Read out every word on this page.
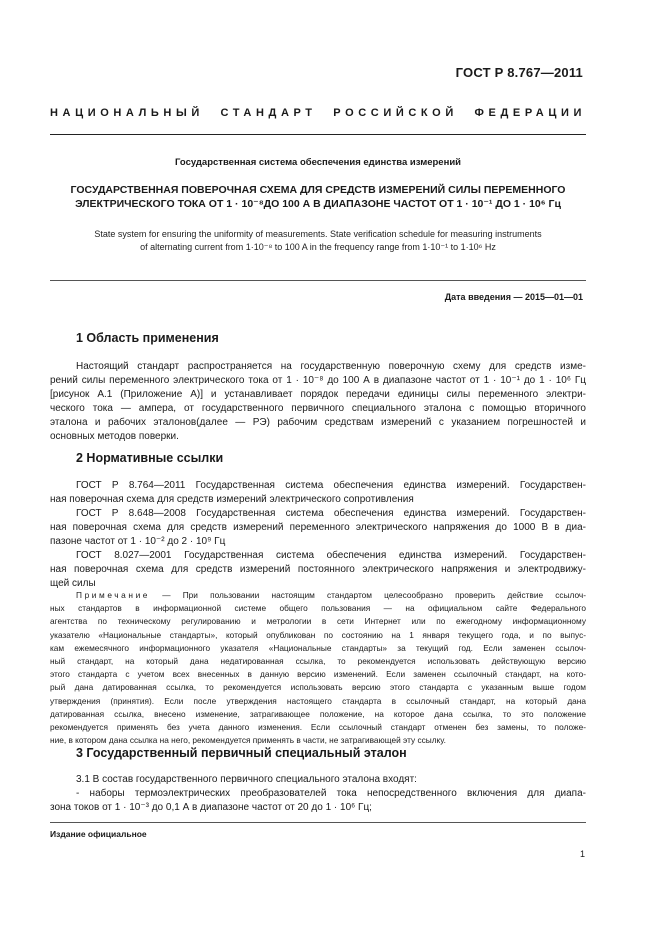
ГОСТ Р 8.767—2011
НАЦИОНАЛЬНЫЙ СТАНДАРТ РОССИЙСКОЙ ФЕДЕРАЦИИ
Государственная система обеспечения единства измерений
ГОСУДАРСТВЕННАЯ ПОВЕРОЧНАЯ СХЕМА ДЛЯ СРЕДСТВ ИЗМЕРЕНИЙ СИЛЫ ПЕРЕМЕННОГО
ЭЛЕКТРИЧЕСКОГО ТОКА ОТ 1 · 10⁻⁸ДО 100 А В ДИАПАЗОНЕ ЧАСТОТ ОТ 1 · 10⁻¹ ДО 1 · 10⁶ Гц
State system for ensuring the uniformity of measurements. State verification schedule for measuring instruments
of alternating current from 1·10⁻⁸ to 100 A in the frequency range from 1·10⁻¹ to 1·10⁶ Hz
Дата введения — 2015—01—01
1 Область применения
Настоящий стандарт распространяется на государственную поверочную схему для средств изме-
рений силы переменного электрического тока от 1 · 10⁻⁸ до 100 А в диапазоне частот от 1 · 10⁻¹ до 1 · 10⁶ Гц
[рисунок А.1 (Приложение А)] и устанавливает порядок передачи единицы силы переменного электри-
ческого тока — ампера, от государственного первичного специального эталона с помощью вторичного
эталона и рабочих эталонов(далее — РЭ) рабочим средствам измерений с указанием погрешностей и
основных методов поверки.
2 Нормативные ссылки
ГОСТ Р 8.764—2011 Государственная система обеспечения единства измерений. Государствен-
ная поверочная схема для средств измерений электрического сопротивления
ГОСТ Р 8.648—2008 Государственная система обеспечения единства измерений. Государствен-
ная поверочная схема для средств измерений переменного электрического напряжения до 1000 В в диа-
пазоне частот от 1 · 10⁻² до 2 · 10⁹ Гц
ГОСТ 8.027—2001 Государственная система обеспечения единства измерений. Государствен-
ная поверочная схема для средств измерений постоянного электрического напряжения и электродвижу-
щей силы
Примечание — При пользовании настоящим стандартом целесообразно проверить действие ссылоч-
ных стандартов в информационной системе общего пользования — на официальном сайте Федерального
агентства по техническому регулированию и метрологии в сети Интернет или по ежегодному информационному
указателю «Национальные стандарты», который опубликован по состоянию на 1 января текущего года, и по выпус-
кам ежемесячного информационного указателя «Национальные стандарты» за текущий год. Если заменен ссылоч-
ный стандарт, на который дана недатированная ссылка, то рекомендуется использовать действующую версию
этого стандарта с учетом всех внесенных в данную версию изменений. Если заменен ссылочный стандарт, на кото-
рый дана датированная ссылка, то рекомендуется использовать версию этого стандарта с указанным выше годом
утверждения (принятия). Если после утверждения настоящего стандарта в ссылочный стандарт, на который дана
датированная ссылка, внесено изменение, затрагивающее положение, на которое дана ссылка, то это положение
рекомендуется применять без учета данного изменения. Если ссылочный стандарт отменен без замены, то положе-
ние, в котором дана ссылка на него, рекомендуется применять в части, не затрагивающей эту ссылку.
3 Государственный первичный специальный эталон
3.1 В состав государственного первичного специального эталона входят:
- наборы термоэлектрических преобразователей тока непосредственного включения для диапа-
зона токов от 1 · 10⁻³ до 0,1 А в диапазоне частот от 20 до 1 · 10⁶ Гц;
Издание официальное
1
